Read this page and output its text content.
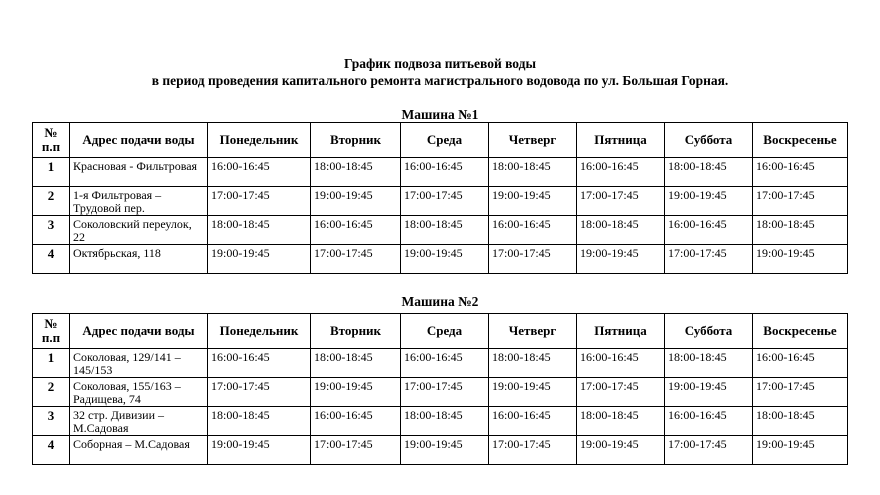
График подвоза питьевой воды
в период проведения капитального ремонта магистрального водовода по ул. Большая Горная.
Машина №1
№ п.п	Адрес подачи воды	Понедельник	Вторник	Среда	Четверг	Пятница	Суббота	Воскресенье
1	Красновая - Фильтровая	16:00-16:45	18:00-18:45	16:00-16:45	18:00-18:45	16:00-16:45	18:00-18:45	16:00-16:45
2	1-я Фильтровая – Трудовой пер.	17:00-17:45	19:00-19:45	17:00-17:45	19:00-19:45	17:00-17:45	19:00-19:45	17:00-17:45
3	Соколовский переулок, 22	18:00-18:45	16:00-16:45	18:00-18:45	16:00-16:45	18:00-18:45	16:00-16:45	18:00-18:45
4	Октябрьская, 118	19:00-19:45	17:00-17:45	19:00-19:45	17:00-17:45	19:00-19:45	17:00-17:45	19:00-19:45
Машина №2
№ п.п	Адрес подачи воды	Понедельник	Вторник	Среда	Четверг	Пятница	Суббота	Воскресенье
1	Соколовая, 129/141 – 145/153	16:00-16:45	18:00-18:45	16:00-16:45	18:00-18:45	16:00-16:45	18:00-18:45	16:00-16:45
2	Соколовая, 155/163 – Радищева, 74	17:00-17:45	19:00-19:45	17:00-17:45	19:00-19:45	17:00-17:45	19:00-19:45	17:00-17:45
3	32 стр. Дивизии – М.Садовая	18:00-18:45	16:00-16:45	18:00-18:45	16:00-16:45	18:00-18:45	16:00-16:45	18:00-18:45
4	Соборная – М.Садовая	19:00-19:45	17:00-17:45	19:00-19:45	17:00-17:45	19:00-19:45	17:00-17:45	19:00-19:45
